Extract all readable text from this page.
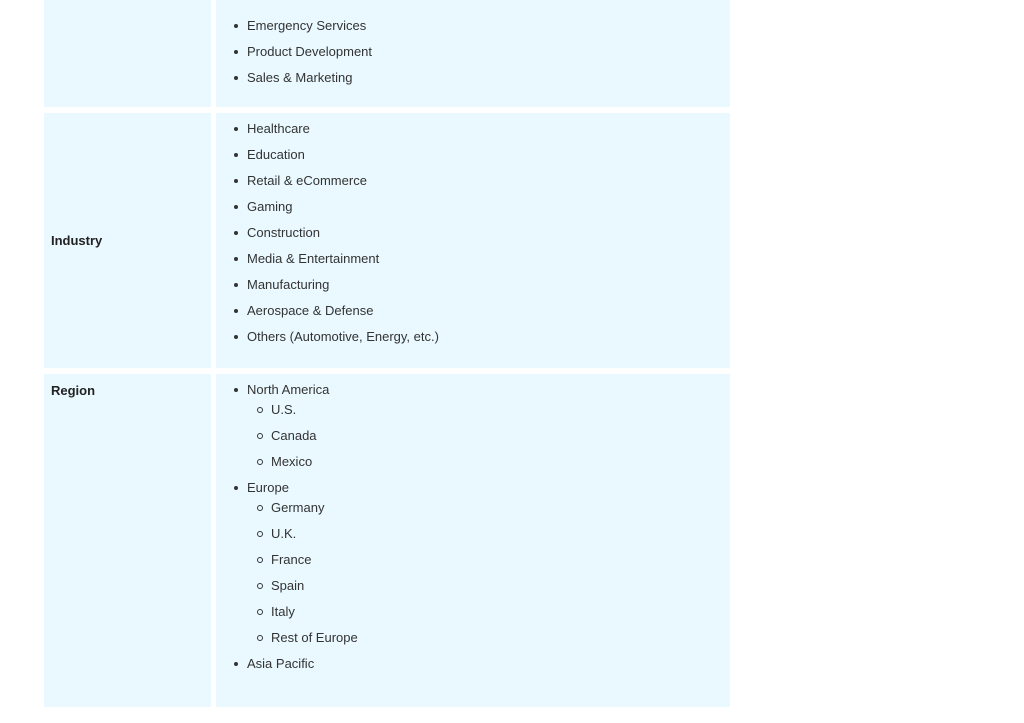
Emergency Services
Product Development
Sales & Marketing
Industry
Healthcare
Education
Retail & eCommerce
Gaming
Construction
Media & Entertainment
Manufacturing
Aerospace & Defense
Others (Automotive, Energy, etc.)
Region	North America
U.S.
Canada
Mexico
Europe
Germany
U.K.
France
Spain
Italy
Rest of Europe
Asia Pacific
